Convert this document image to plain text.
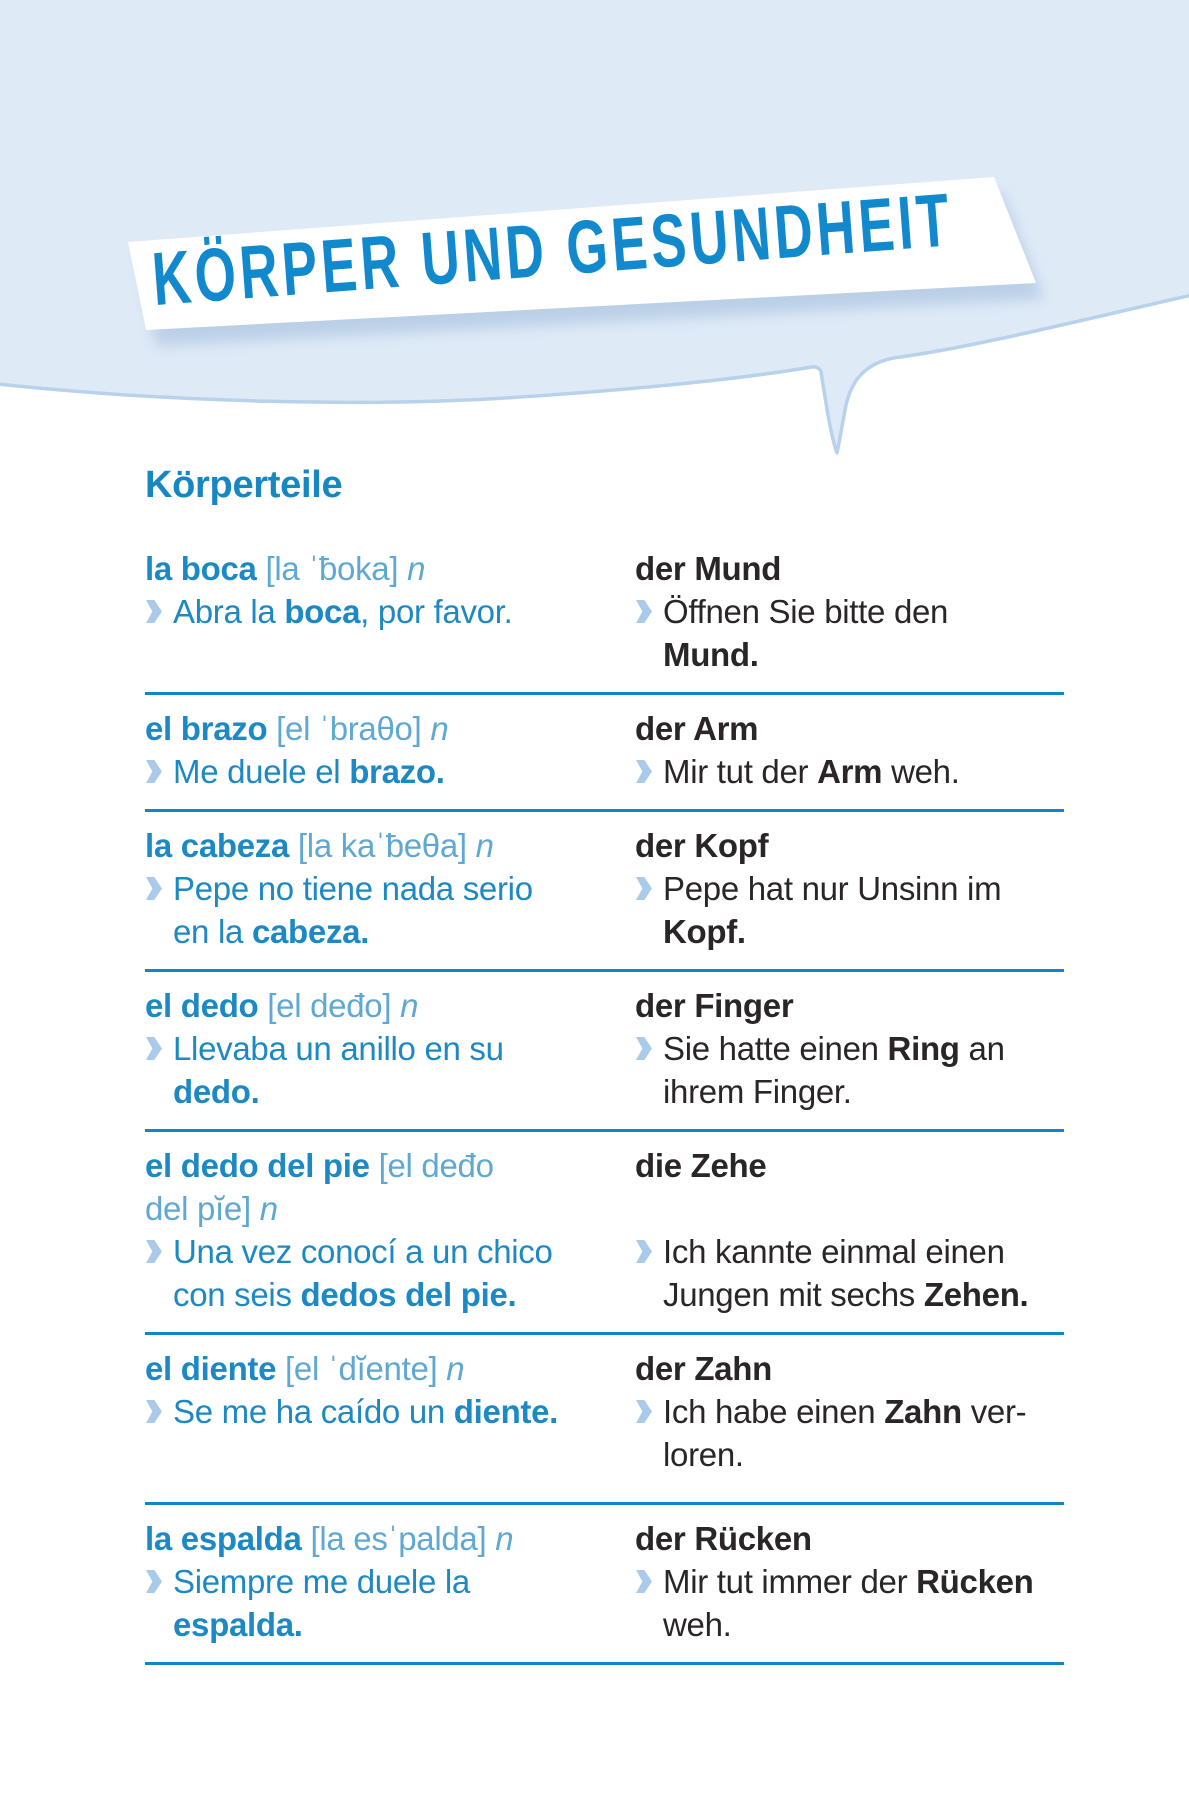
KÖRPER UND GESUNDHEIT
Körperteile
la boca [la ˈƀoka] n
Abra la boca, por favor.
der Mund
Öffnen Sie bitte den
Mund.
el brazo [el ˈbraθo] n
Me duele el brazo.
der Arm
Mir tut der Arm weh.
la cabeza [la kaˈƀeθa] n
Pepe no tiene nada serio
en la cabeza.
der Kopf
Pepe hat nur Unsinn im
Kopf.
el dedo [el deđo] n
Llevaba un anillo en su
dedo.
der Finger
Sie hatte einen Ring an
ihrem Finger.
el dedo del pie [el deđo
del pĭe] n
Una vez conocí a un chico
con seis dedos del pie.
die Zehe
Ich kannte einmal einen
Jungen mit sechs Zehen.
el diente [el ˈdĭente] n
Se me ha caído un diente.
der Zahn
Ich habe einen Zahn ver-
loren.
la espalda [la esˈpalda] n
Siempre me duele la
espalda.
der Rücken
Mir tut immer der Rücken
weh.
